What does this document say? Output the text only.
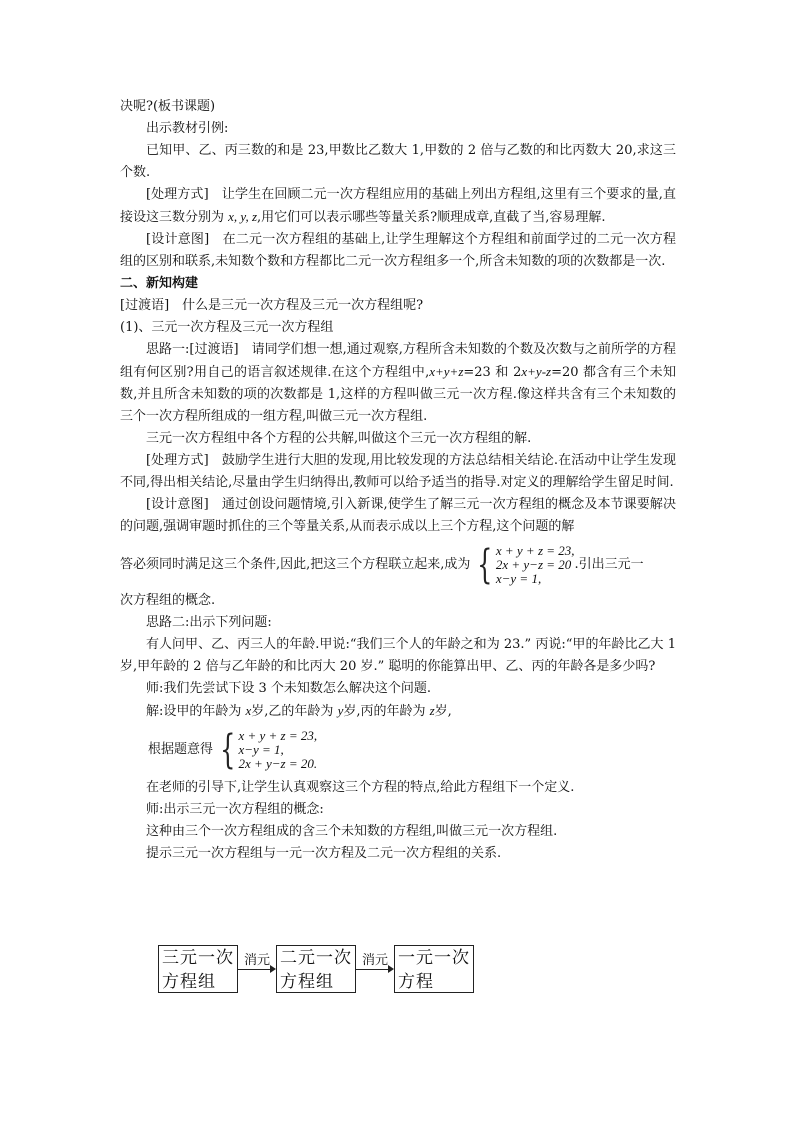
决呢?(板书课题)

出示教材引例:

已知甲、乙、丙三数的和是 23,甲数比乙数大 1,甲数的 2 倍与乙数的和比丙数大 20,求这三个数.

[处理方式]　让学生在回顾二元一次方程组应用的基础上列出方程组,这里有三个要求的量,直接设这三数分别为 x, y, z,用它们可以表示哪些等量关系?顺理成章,直截了当,容易理解.

[设计意图]　在二元一次方程组的基础上,让学生理解这个方程组和前面学过的二元一次方程组的区别和联系,未知数个数和方程都比二元一次方程组多一个,所含未知数的项的次数都是一次.

二、新知构建

[过渡语]　什么是三元一次方程及三元一次方程组呢?

(1)、三元一次方程及三元一次方程组

思路一:[过渡语]　请同学们想一想,通过观察,方程所含未知数的个数及次数与之前所学的方程组有何区别?用自己的语言叙述规律.在这个方程组中,x+y+z=23 和 2x+y-z=20 都含有三个未知数,并且所含未知数的项的次数都是 1,这样的方程叫做三元一次方程.像这样共含有三个未知数的三个一次方程所组成的一组方程,叫做三元一次方程组.

三元一次方程组中各个方程的公共解,叫做这个三元一次方程组的解.

[处理方式]　鼓励学生进行大胆的发现,用比较发现的方法总结相关结论.在活动中让学生发现不同,得出相关结论,尽量由学生归纳得出,教师可以给予适当的指导.对定义的理解给学生留足时间.

[设计意图]　通过创设问题情境,引入新课,使学生了解三元一次方程组的概念及本节课要解决的问题,强调审题时抓住的三个等量关系,从而表示成以上三个方程,这个问题的解

答必须同时满足这三个条件,因此,把这三个方程联立起来,成为 { x + y + z = 23,
2x + y−z = 20
x−y = 1,
.引出三元一

次方程组的概念.

思路二:出示下列问题:

有人问甲、乙、丙三人的年龄.甲说:“我们三个人的年龄之和为 23.” 丙说:“甲的年龄比乙大 1 岁,甲年龄的 2 倍与乙年龄的和比丙大 20 岁.” 聪明的你能算出甲、乙、丙的年龄各是多少吗?

师:我们先尝试下设 3 个未知数怎么解决这个问题.

解:设甲的年龄为 x岁,乙的年龄为 y岁,丙的年龄为 z岁,

根据题意得 { x + y + z = 23,
x−y = 1,
2x + y−z = 20.

在老师的引导下,让学生认真观察这三个方程的特点,给此方程组下一个定义.

师:出示三元一次方程组的概念:

这种由三个一次方程组成的含三个未知数的方程组,叫做三元一次方程组.

提示三元一次方程组与一元一次方程及二元一次方程组的关系.

三元一次
方程组
消元 二元一次
方程组
消元 一元一次
方程
